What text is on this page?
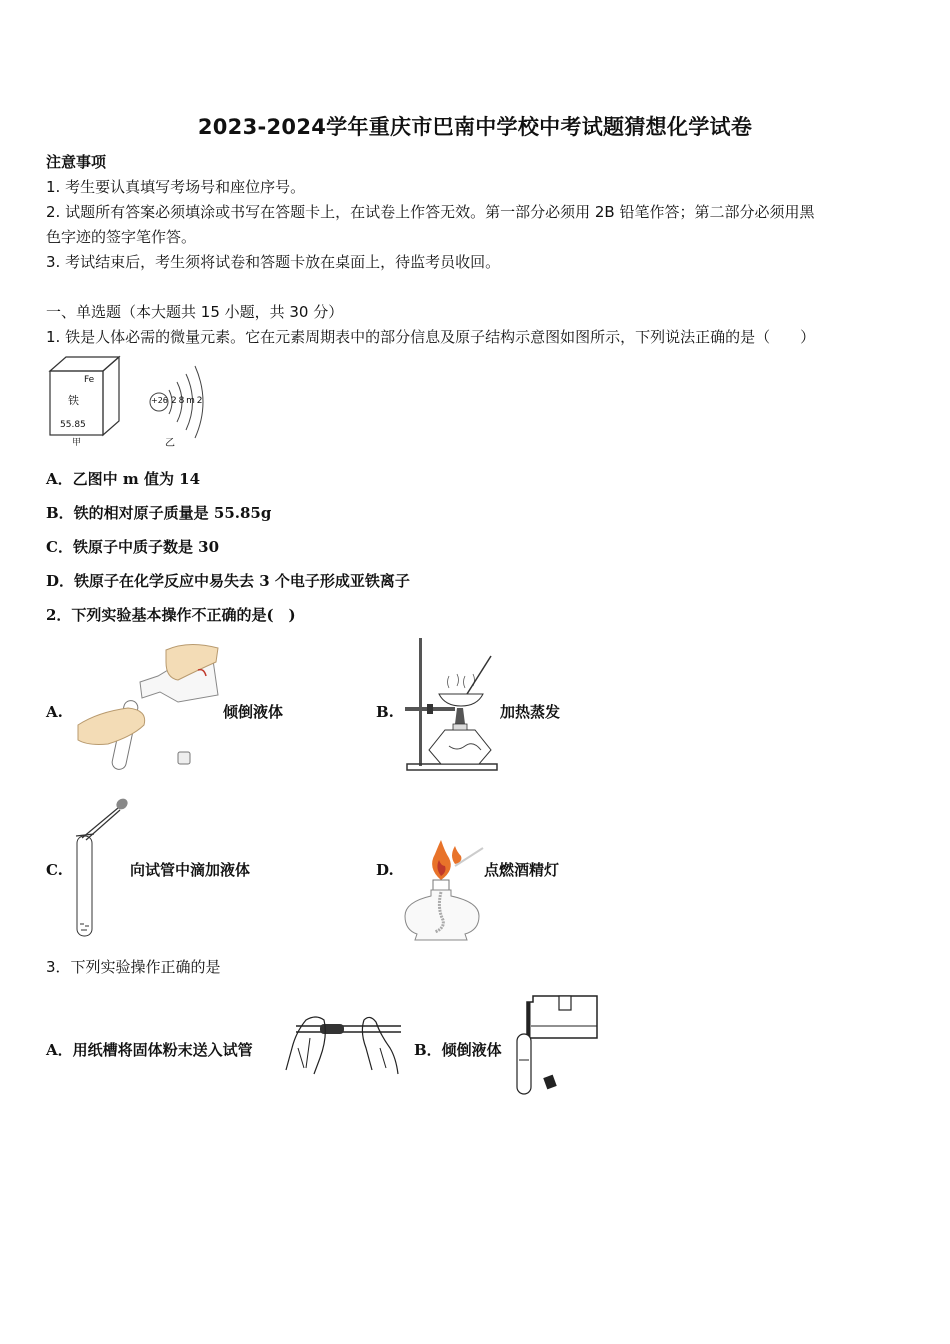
2023-2024学年重庆市巴南中学校中考试题猜想化学试卷
注意事项
1. 考生要认真填写考场号和座位序号。
2. 试题所有答案必须填涂或书写在答题卡上，在试卷上作答无效。第一部分必须用 2B 铅笔作答；第二部分必须用黑
色字迹的签字笔作答。
3. 考试结束后，考生须将试卷和答题卡放在桌面上，待监考员收回。
一、单选题（本大题共 15 小题，共 30 分）
1. 铁是人体必需的微量元素。它在元素周期表中的部分信息及原子结构示意图如图所示，下列说法正确的是（　　）
Fe
铁
55.85
甲
+26 2 8 m 2
乙
A．乙图中 m 值为 14
B．铁的相对原子质量是 55.85g
C．铁原子中质子数是 30
D．铁原子在化学反应中易失去 3 个电子形成亚铁离子
2．下列实验基本操作不正确的是(　)
A.	倾倒液体	B.	加热蒸发
C.	向试管中滴加液体	D.	点燃酒精灯
3．下列实验操作正确的是
A．用纸槽将固体粉末送入试管	B．倾倒液体
